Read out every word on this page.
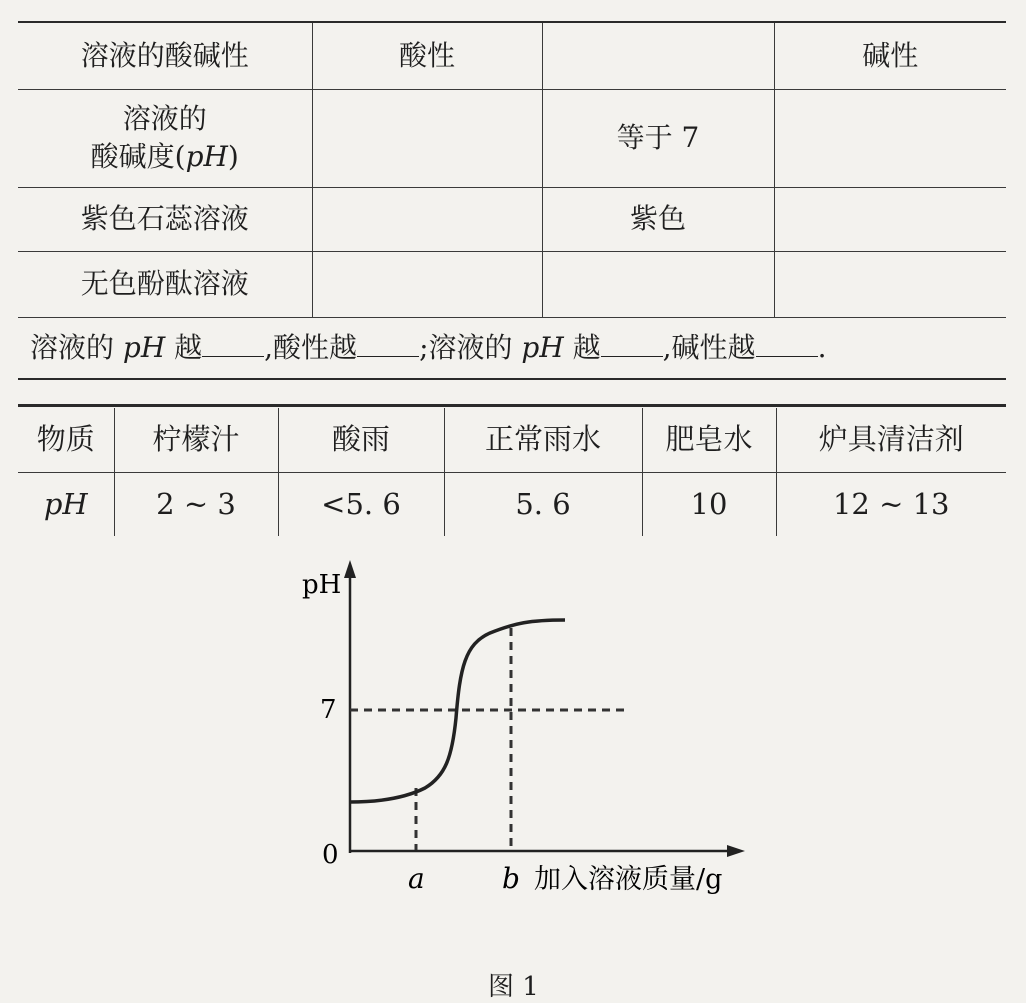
溶液的酸碱性	酸性		碱性

溶液的
酸碱度(pH)		等于 7	
紫色石蕊溶液		紫色	
无色酚酞溶液			
溶液的 pH 越 ,酸性越 ;溶液的 pH 越 ,碱性越 .
物质	柠檬汁	酸雨	正常雨水	肥皂水	炉具清洁剂
pH	2 ~ 3	<5. 6	5. 6	10	12 ~ 13
pH
7
0
a	b 加入溶液质量/g
图 1
